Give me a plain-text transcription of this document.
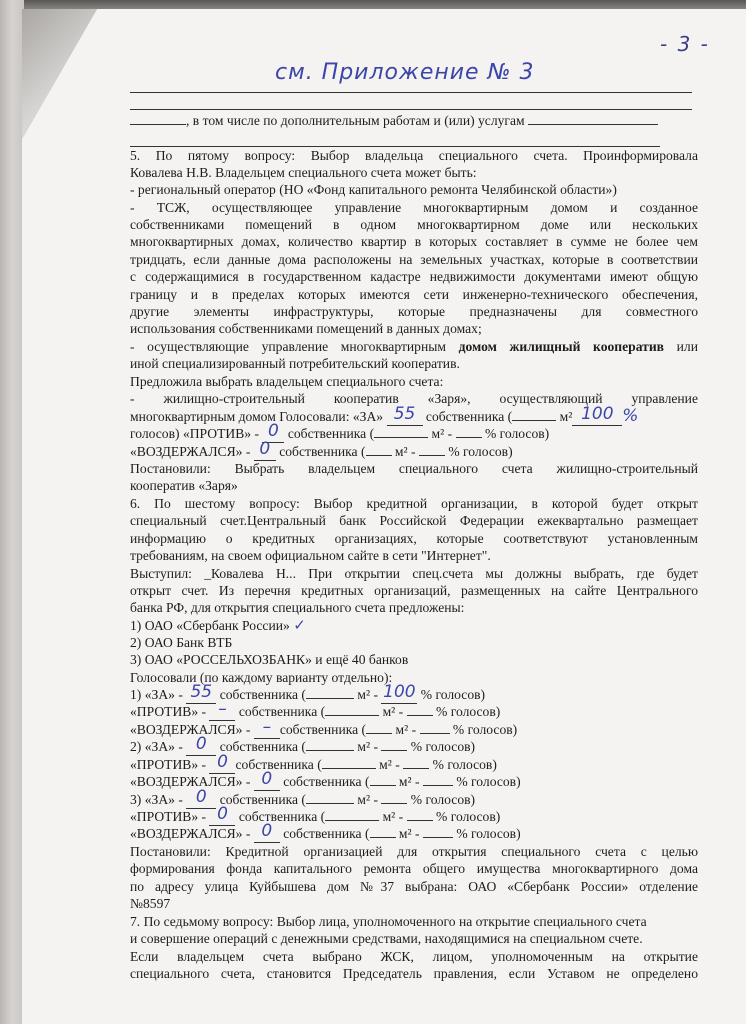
- 3 -
см. Приложение № 3
, в том числе по дополнительным работам и (или) услугам
5. По пятому вопросу: Выбор владельца специального счета. Проинформировала
Ковалева Н.В. Владельцем специального счета может быть:
- региональный оператор (НО «Фонд капитального ремонта Челябинской области»)
- ТСЖ, осуществляющее управление многоквартирным домом и созданное
собственниками помещений в одном многоквартирном доме или нескольких
многоквартирных домах, количество квартир в которых составляет в сумме не более чем
тридцать, если данные дома расположены на земельных участках, которые в соответствии
с содержащимися в государственном кадастре недвижимости документами имеют общую
границу и в пределах которых имеются сети инженерно-технического обеспечения,
другие элементы инфраструктуры, которые предназначены для совместного
использования собственниками помещений в данных домах;
- осуществляющие управление многоквартирным домом жилищный кооператив или
иной специализированный потребительский кооператив.
Предложила выбрать владельцем специального счета:
- жилищно-строительный кооператив «Заря», осуществляющий управление
многоквартирным домом Голосовали: «ЗА» 55 собственника (	м² 100 %
голосов) «ПРОТИВ» - 0 собственника (	м² -  % голосов)
«ВОЗДЕРЖАЛСЯ» - 0 собственника ( м² -  % голосов)
Постановили: Выбрать владельцем специального счета жилищно-строительный
кооператив «Заря»
6. По шестому вопросу: Выбор кредитной организации, в которой будет открыт
специальный счет.Центральный банк Российской Федерации ежеквартально размещает
информацию о кредитных организациях, которые соответствуют установленным
требованиям, на своем официальном сайте в сети "Интернет".
Выступил: _Ковалева Н... При открытии спец.счета мы должны выбрать, где будет
открыт счет. Из перечня кредитных организаций, размещенных на сайте Центрального
банка РФ, для открытия специального счета предложены:
1) ОАО «Сбербанк России» ✓
2) ОАО Банк ВТБ
3) ОАО «РОССЕЛЬХОЗБАНК» и ещё 40 банков
Голосовали (по каждому варианту отдельно):
1) «ЗА» - 55 собственника (	м² - 100 % голосов)
«ПРОТИВ» - – собственника (	м² - % голосов)
«ВОЗДЕРЖАЛСЯ» - – собственника ( м² -	% голосов)
2) «ЗА» - 0 собственника (	м² - % голосов)
«ПРОТИВ» - 0 собственника (	м² - % голосов)
«ВОЗДЕРЖАЛСЯ» - 0 собственника ( м² -	% голосов)
3) «ЗА» - 0 собственника (	м² - % голосов)
«ПРОТИВ» - 0 собственника (	м² - % голосов)
«ВОЗДЕРЖАЛСЯ» - 0 собственника ( м² -	% голосов)
Постановили: Кредитной организацией для открытия специального счета с целью
формирования фонда капитального ремонта общего имущества многоквартирного дома
по адресу улица Куйбышева дом №37 выбрана: ОАО «Сбербанк России» отделение
№8597
7. По седьмому вопросу: Выбор лица, уполномоченного на открытие специального счета
и совершение операций с денежными средствами, находящимися на специальном счете.
Если владельцем счета выбрано ЖСК, лицом, уполномоченным на открытие
специального счета, становится Председатель правления, если Уставом не определено
